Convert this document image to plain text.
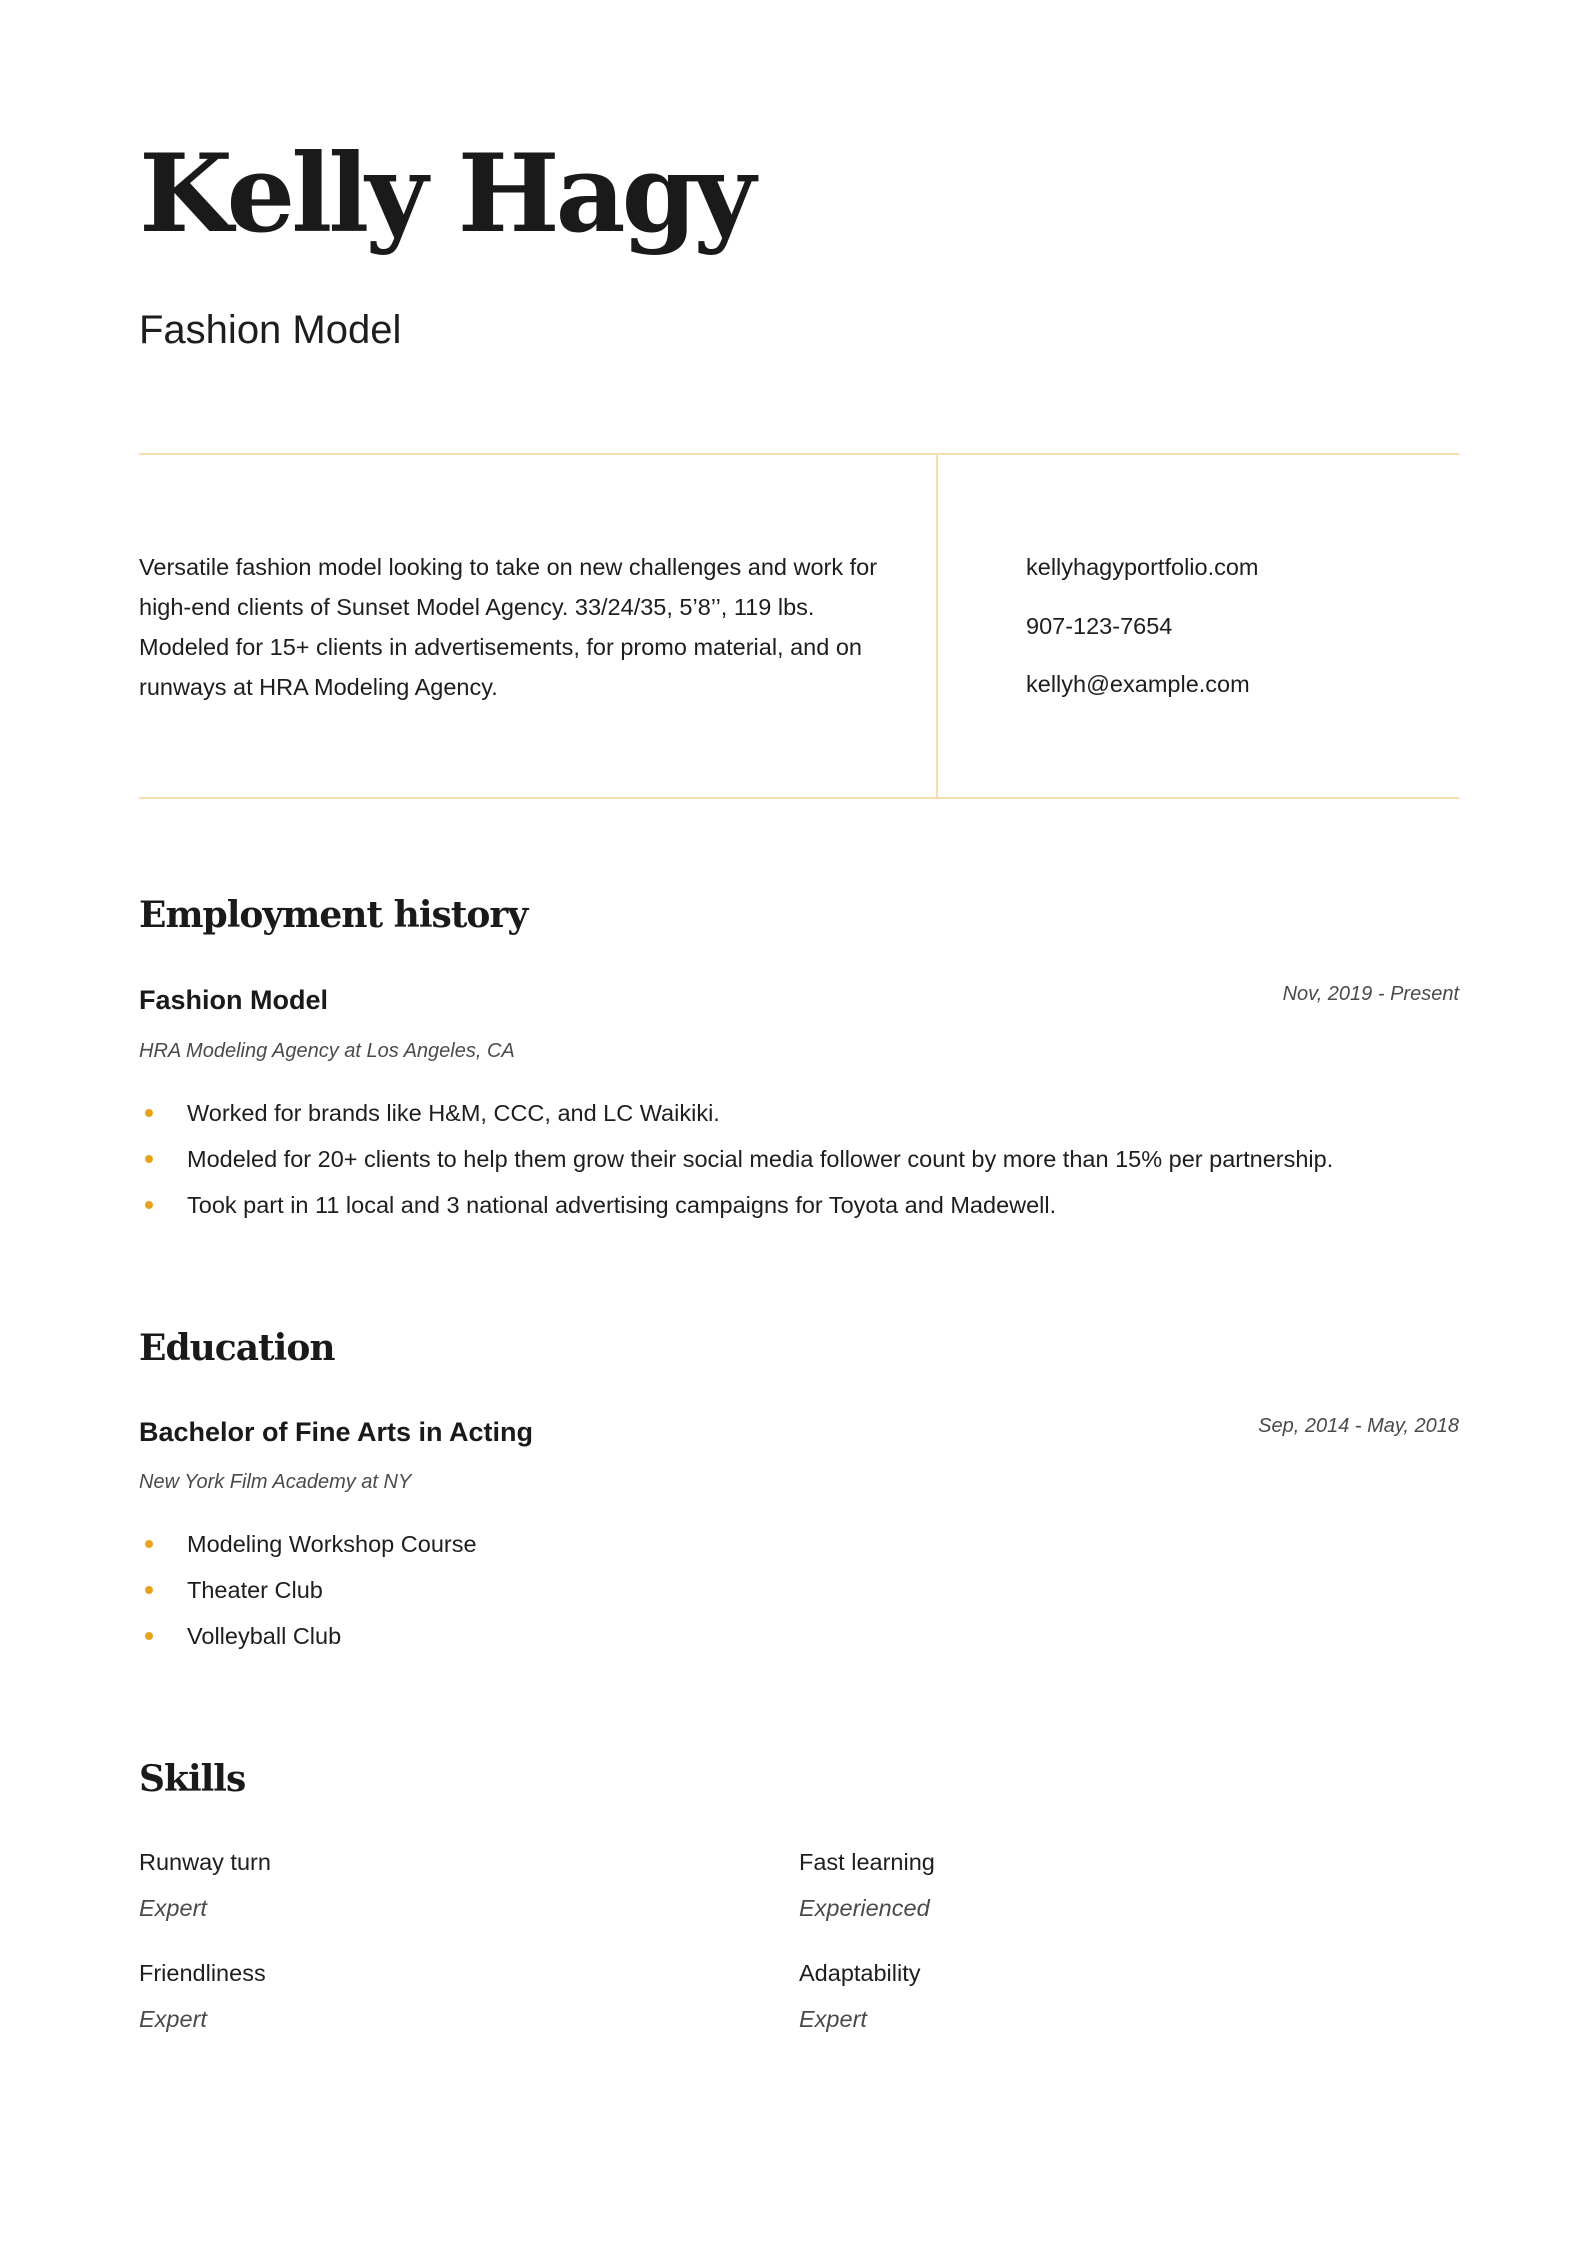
Kelly Hagy
Fashion Model

Versatile fashion model looking to take on new challenges and work for high-end clients of Sunset Model Agency. 33/24/35, 5’8’’, 119 lbs. Modeled for 15+ clients in advertisements, for promo material, and on runways at HRA Modeling Agency.

kellyhagyportfolio.com
907-123-7654
kellyh@example.com
Employment history
Fashion Model	Nov, 2019 - Present

HRA Modeling Agency at Los Angeles, CA

Worked for brands like H&M, CCC, and LC Waikiki.
Modeled for 20+ clients to help them grow their social media follower count by more than 15% per partnership.
Took part in 11 local and 3 national advertising campaigns for Toyota and Madewell.
Education
Bachelor of Fine Arts in Acting	Sep, 2014 - May, 2018

New York Film Academy at NY

Modeling Workshop Course
Theater Club
Volleyball Club
Skills

Runway turn

Expert

Fast learning

Experienced

Friendliness

Expert

Adaptability

Expert
